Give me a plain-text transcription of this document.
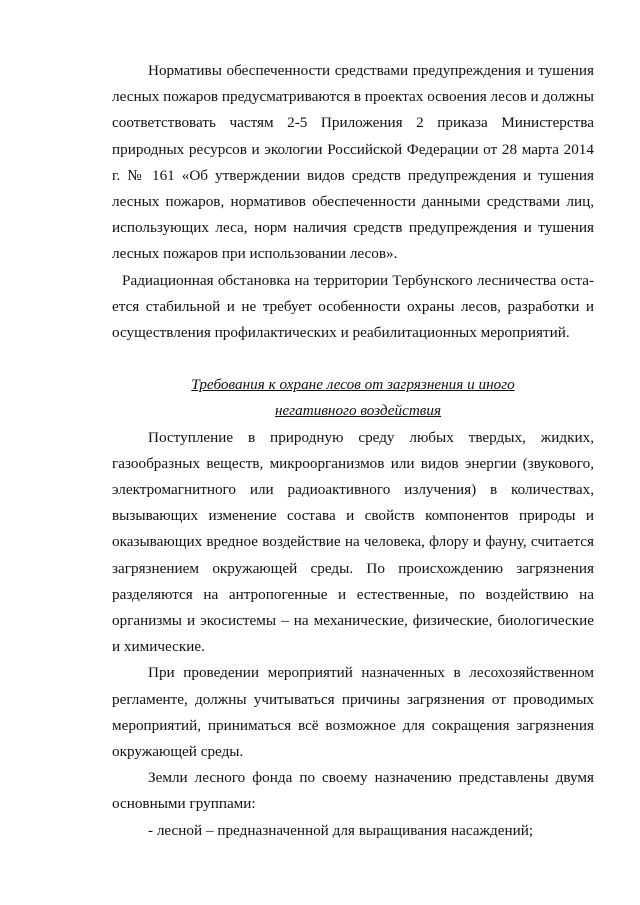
Нормативы обеспеченности средствами предупреждения и тушения лесных пожаров предусматриваются в проектах освоения лесов и должны соответствовать частям 2-5 Приложения 2 приказа Министерства природных ресурсов и экологии Российской Федерации от 28 марта 2014 г. № 161 «Об утверждении видов средств предупреждения и тушения лесных пожаров, нормативов обеспеченности данными средствами лиц, использующих леса, норм наличия средств предупреждения и тушения лесных пожаров при использовании лесов».

Радиационная обстановка на территории Тербунского лесничества остается стабильной и не требует особенности охраны лесов, разработки и осуществления профилактических и реабилитационных мероприятий.

Требования к охране лесов от загрязнения и иного
негативного воздействия

Поступление в природную среду любых твердых, жидких, газообразных веществ, микроорганизмов или видов энергии (звукового, электромагнитного или радиоактивного излучения) в количествах, вызывающих изменение состава и свойств компонентов природы и оказывающих вредное воздействие на человека, флору и фауну, считается загрязнением окружающей среды. По происхождению загрязнения разделяются на антропогенные и естественные, по воздействию на организмы и экосистемы – на механические, физические, биологические и химические.

При проведении мероприятий назначенных в лесохозяйственном регламенте, должны учитываться причины загрязнения от проводимых мероприятий, приниматься всё возможное для сокращения загрязнения окружающей среды.

Земли лесного фонда по своему назначению представлены двумя основными группами:

- лесной – предназначенной для выращивания насаждений;
